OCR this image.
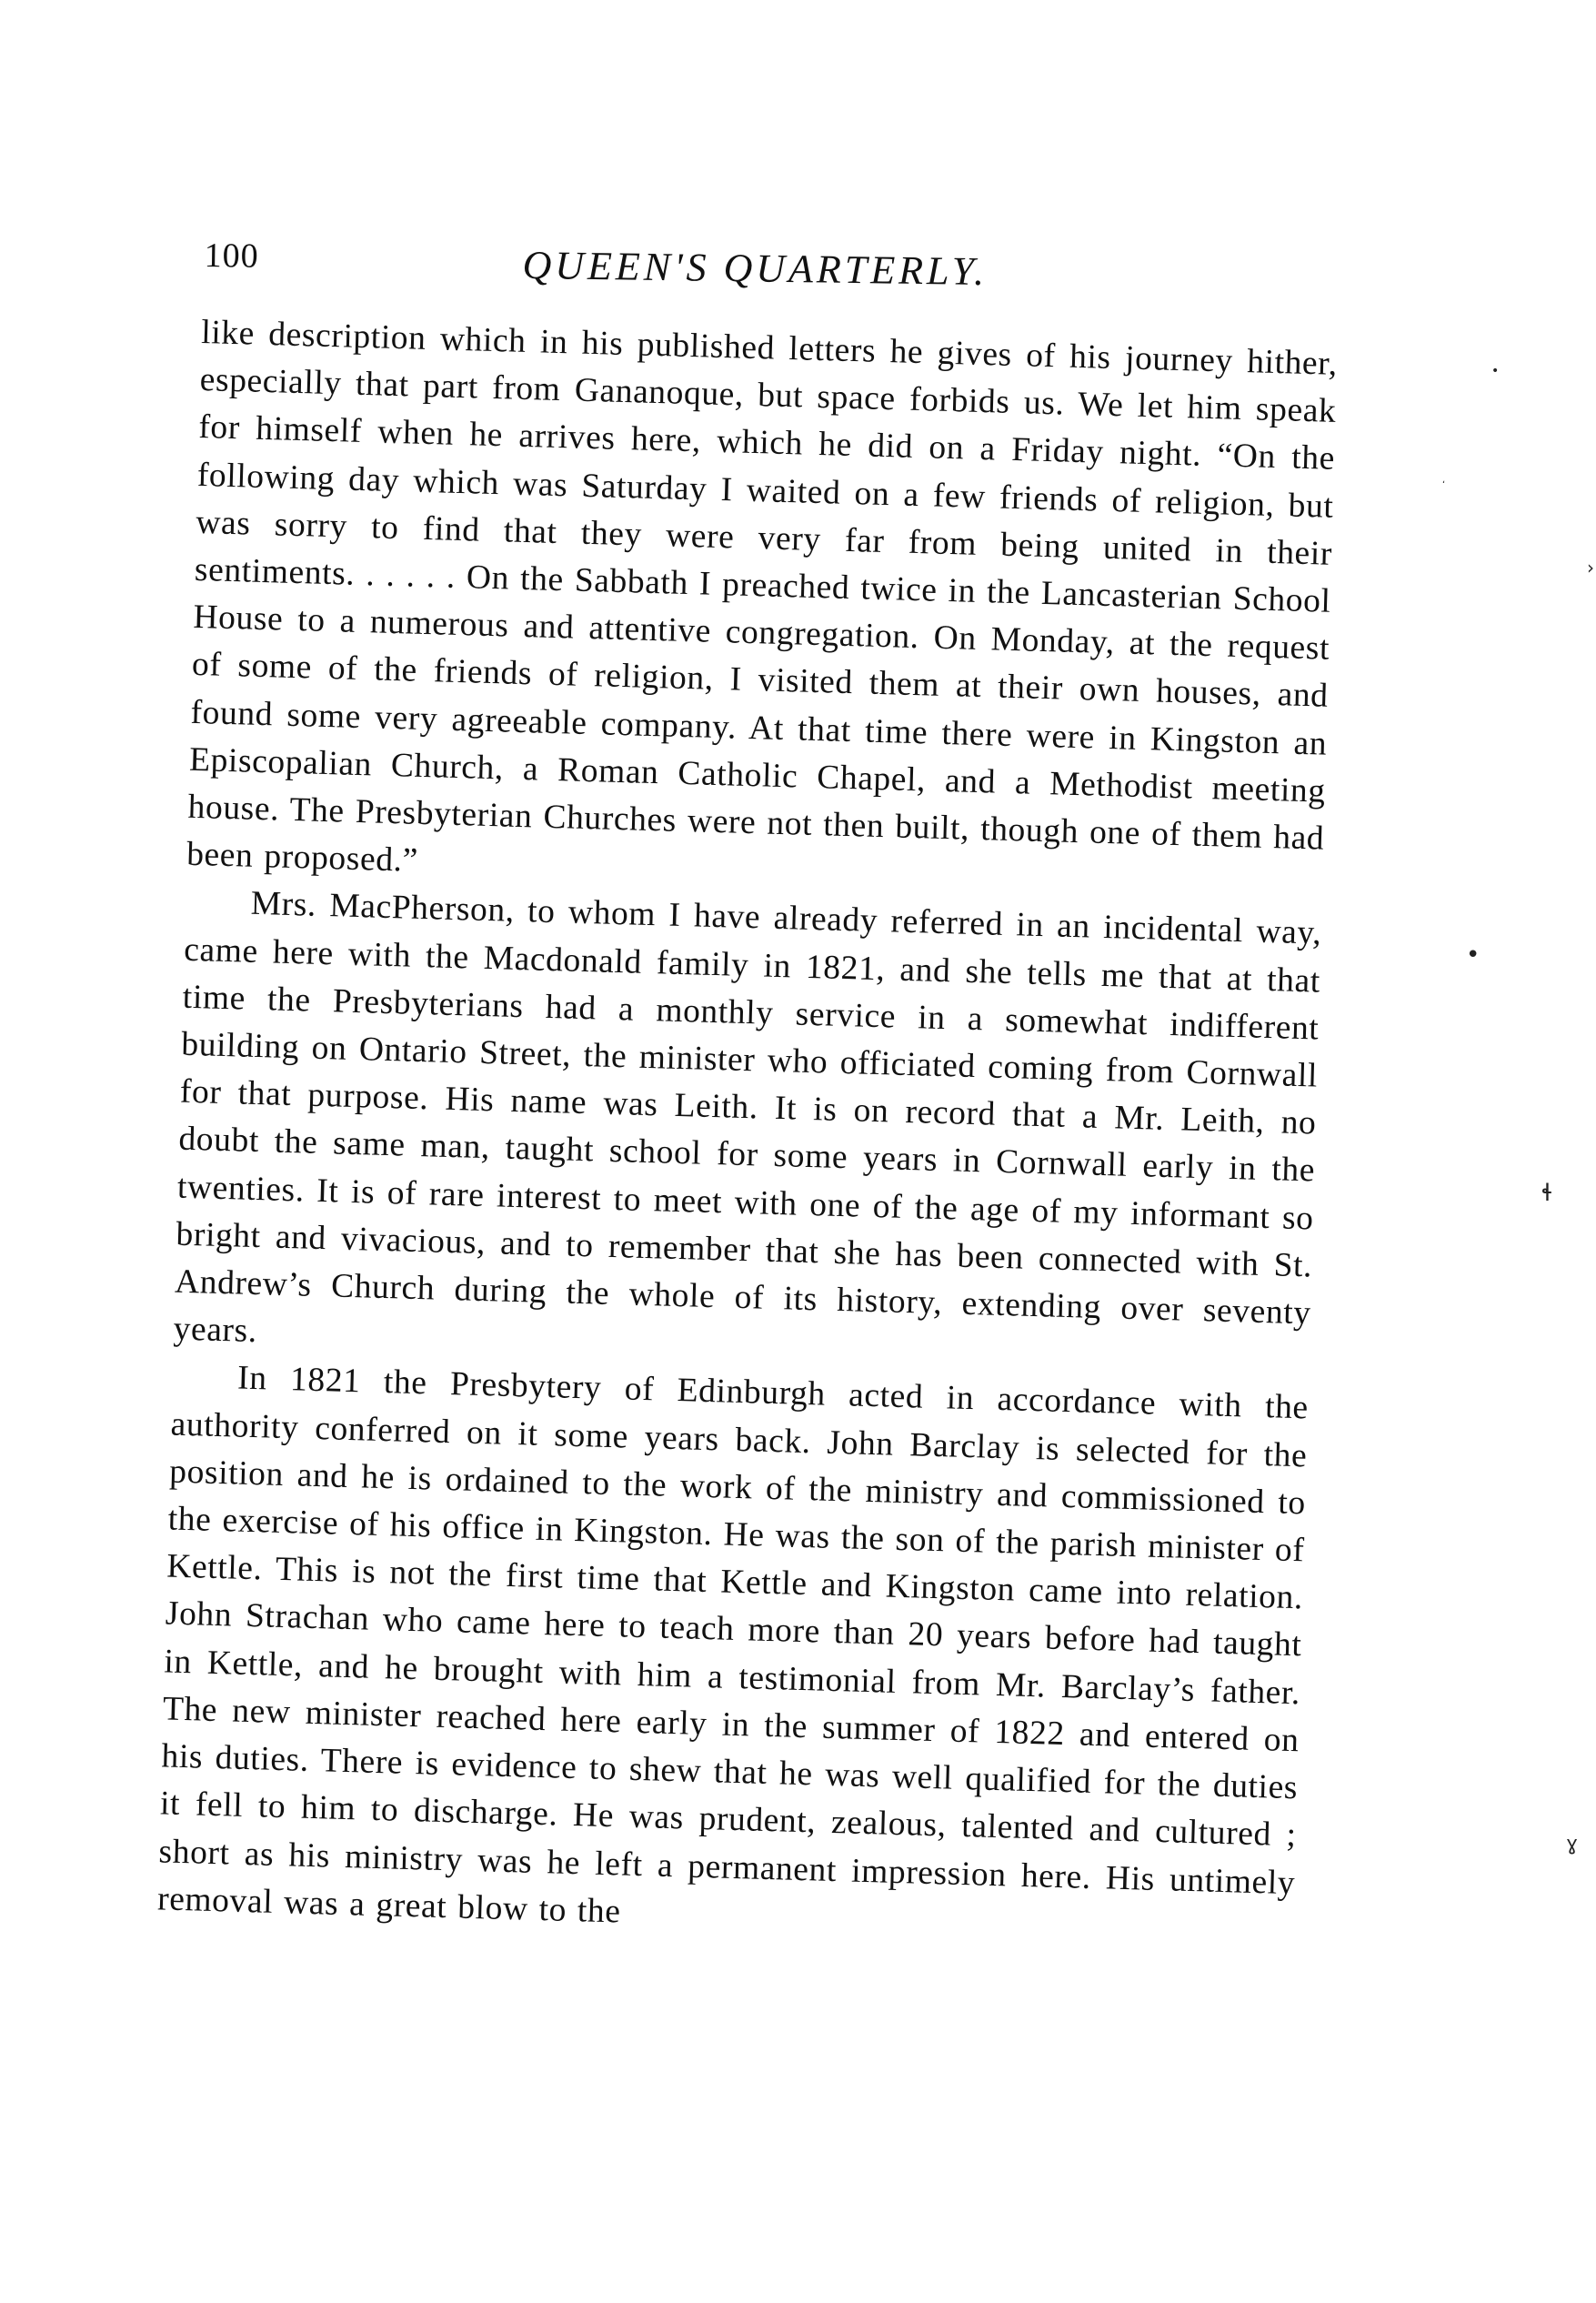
100	QUEEN'S QUARTERLY.

like description which in his published letters he gives of his journey hither, especially that part from Gananoque, but space forbids us. We let him speak for himself when he arrives here, which he did on a Friday night. “On the following day which was Saturday I waited on a few friends of religion, but was sorry to find that they were very far from being united in their sentiments. . . . . . On the Sabbath I preached twice in the Lancasterian School House to a numerous and attentive congregation. On Monday, at the request of some of the friends of religion, I visited them at their own houses, and found some very agreeable company. At that time there were in Kingston an Episcopalian Church, a Roman Catholic Chapel, and a Methodist meeting house. The Presbyterian Churches were not then built, though one of them had been proposed.”

Mrs. MacPherson, to whom I have already referred in an incidental way, came here with the Macdonald family in 1821, and she tells me that at that time the Presbyterians had a monthly service in a somewhat indifferent building on Ontario Street, the minister who officiated coming from Cornwall for that purpose. His name was Leith. It is on record that a Mr. Leith, no doubt the same man, taught school for some years in Cornwall early in the twenties. It is of rare interest to meet with one of the age of my informant so bright and vivacious, and to remember that she has been connected with St. Andrew’s Church during the whole of its history, extending over seventy years.

In 1821 the Presbytery of Edinburgh acted in accordance with the authority conferred on it some years back. John Barclay is selected for the position and he is ordained to the work of the ministry and commissioned to the exercise of his office in Kingston. He was the son of the parish minister of Kettle. This is not the first time that Kettle and Kingston came into relation. John Strachan who came here to teach more than 20 years before had taught in Kettle, and he brought with him a testimonial from Mr. Barclay’s father. The new minister reached here early in the summer of 1822 and entered on his duties. There is evidence to shew that he was well qualified for the duties it fell to him to discharge. He was prudent, zealous, talented and cultured ; short as his ministry was he left a permanent impression here. His untimely removal was a great blow to the

•
•
ʻ
›
ɬ
ɣ
